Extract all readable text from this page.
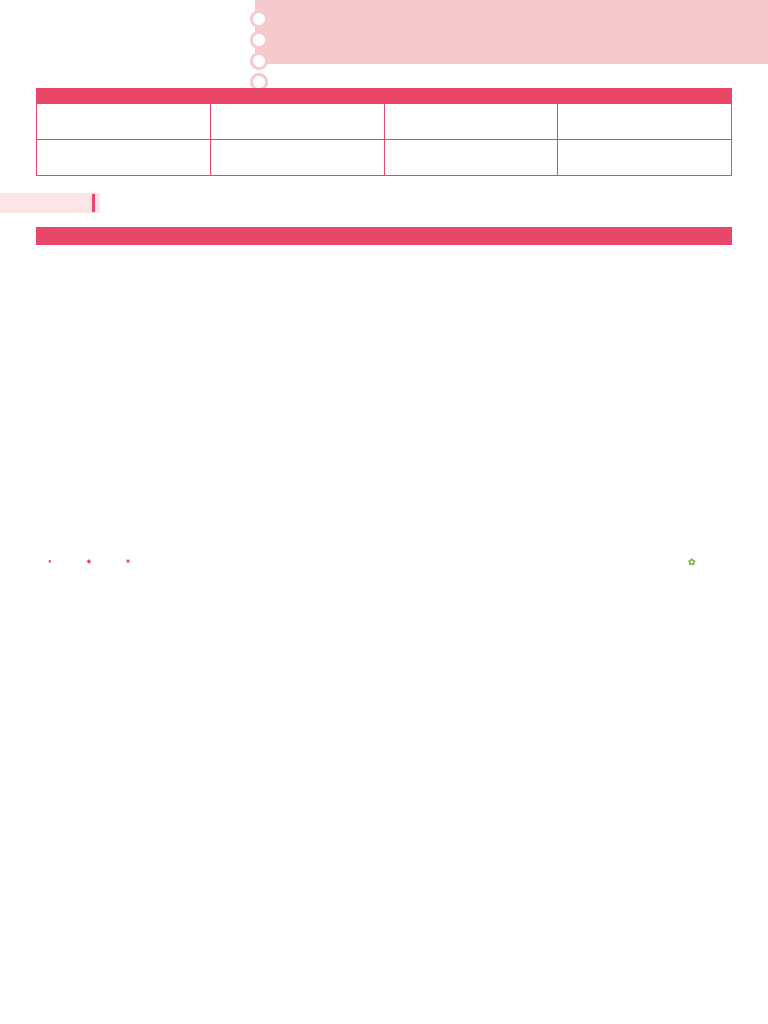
●	◆	■	✿
